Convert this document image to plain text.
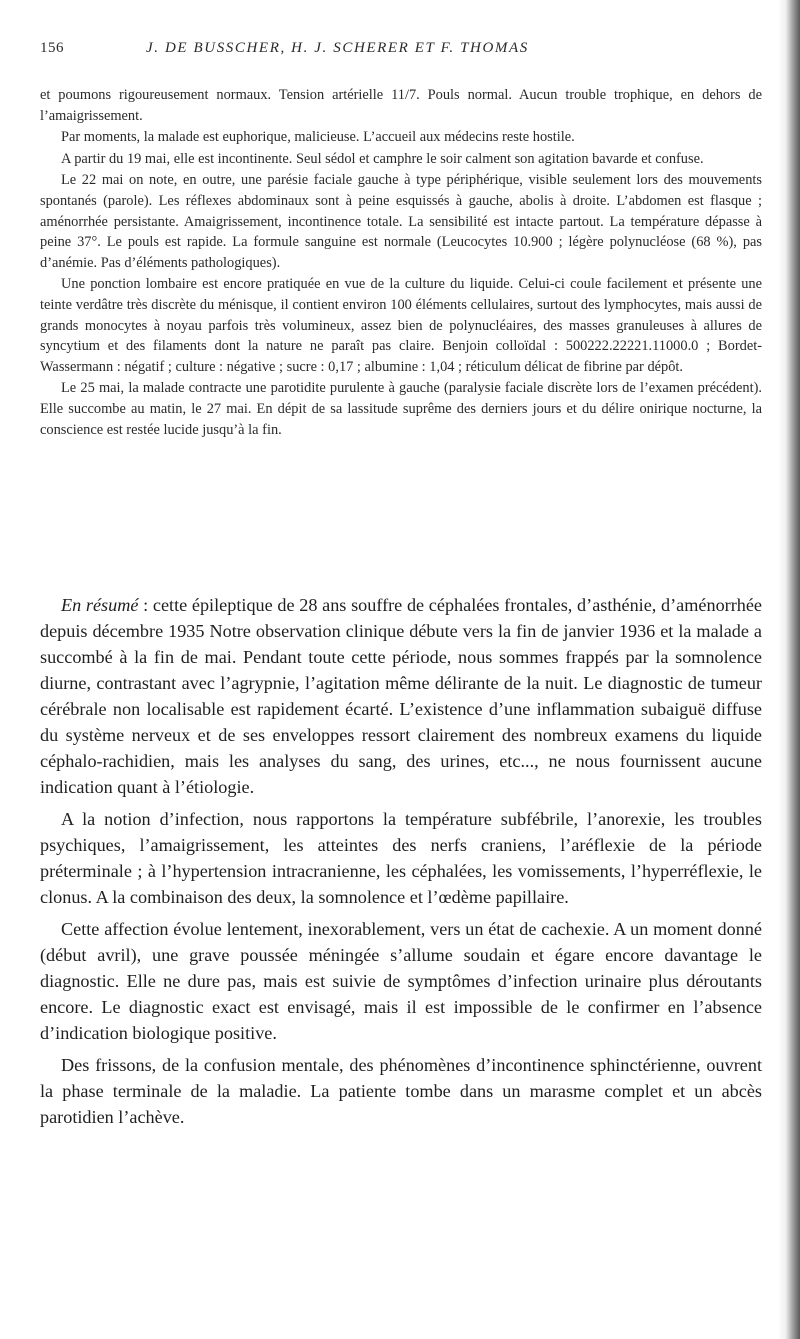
156	J. DE BUSSCHER, H. J. SCHERER ET F. THOMAS

et poumons rigoureusement normaux. Tension artérielle 11/7. Pouls normal. Aucun trouble trophique, en dehors de l’amaigrissement.

Par moments, la malade est euphorique, malicieuse. L’accueil aux médecins reste hostile.

A partir du 19 mai, elle est incontinente. Seul sédol et camphre le soir calment son agitation bavarde et confuse.

Le 22 mai on note, en outre, une parésie faciale gauche à type périphérique, visible seulement lors des mouvements spontanés (parole). Les réflexes abdominaux sont à peine esquissés à gauche, abolis à droite. L’abdomen est flasque ; aménorrhée persistante. Amaigrissement, incontinence totale. La sensibilité est intacte partout. La température dépasse à peine 37°. Le pouls est rapide. La formule sanguine est normale (Leucocytes 10.900 ; légère polynucléose (68 %), pas d’anémie. Pas d’éléments pathologiques).

Une ponction lombaire est encore pratiquée en vue de la culture du liquide. Celui-ci coule facilement et présente une teinte verdâtre très discrète du ménisque, il contient environ 100 éléments cellulaires, surtout des lymphocytes, mais aussi de grands monocytes à noyau parfois très volumineux, assez bien de polynucléaires, des masses granuleuses à allures de syncytium et des filaments dont la nature ne paraît pas claire. Benjoin colloïdal : 500222.22221.11000.0 ; Bordet-Wassermann : négatif ; culture : négative ; sucre : 0,17 ; albumine : 1,04 ; réticulum délicat de fibrine par dépôt.

Le 25 mai, la malade contracte une parotidite purulente à gauche (paralysie faciale discrète lors de l’examen précédent). Elle succombe au matin, le 27 mai. En dépit de sa lassitude suprême des derniers jours et du délire onirique nocturne, la conscience est restée lucide jusqu’à la fin.

En résumé : cette épileptique de 28 ans souffre de céphalées frontales, d’asthénie, d’aménorrhée depuis décembre 1935 Notre observation clinique débute vers la fin de janvier 1936 et la malade a succombé à la fin de mai. Pendant toute cette période, nous sommes frappés par la somnolence diurne, contrastant avec l’agrypnie, l’agitation même délirante de la nuit. Le diagnostic de tumeur cérébrale non localisable est rapidement écarté. L’existence d’une inflammation subaiguë diffuse du système nerveux et de ses enveloppes ressort clairement des nombreux examens du liquide céphalo-rachidien, mais les analyses du sang, des urines, etc..., ne nous fournissent aucune indication quant à l’étiologie.

A la notion d’infection, nous rapportons la température subfébrile, l’anorexie, les troubles psychiques, l’amaigrissement, les atteintes des nerfs craniens, l’aréflexie de la période préterminale ; à l’hypertension intracranienne, les céphalées, les vomissements, l’hyperréflexie, le clonus. A la combinaison des deux, la somnolence et l’œdème papillaire.

Cette affection évolue lentement, inexorablement, vers un état de cachexie. A un moment donné (début avril), une grave poussée méningée s’allume soudain et égare encore davantage le diagnostic. Elle ne dure pas, mais est suivie de symptômes d’infection urinaire plus déroutants encore. Le diagnostic exact est envisagé, mais il est impossible de le confirmer en l’absence d’indication biologique positive.

Des frissons, de la confusion mentale, des phénomènes d’incontinence sphinctérienne, ouvrent la phase terminale de la maladie. La patiente tombe dans un marasme complet et un abcès parotidien l’achève.
